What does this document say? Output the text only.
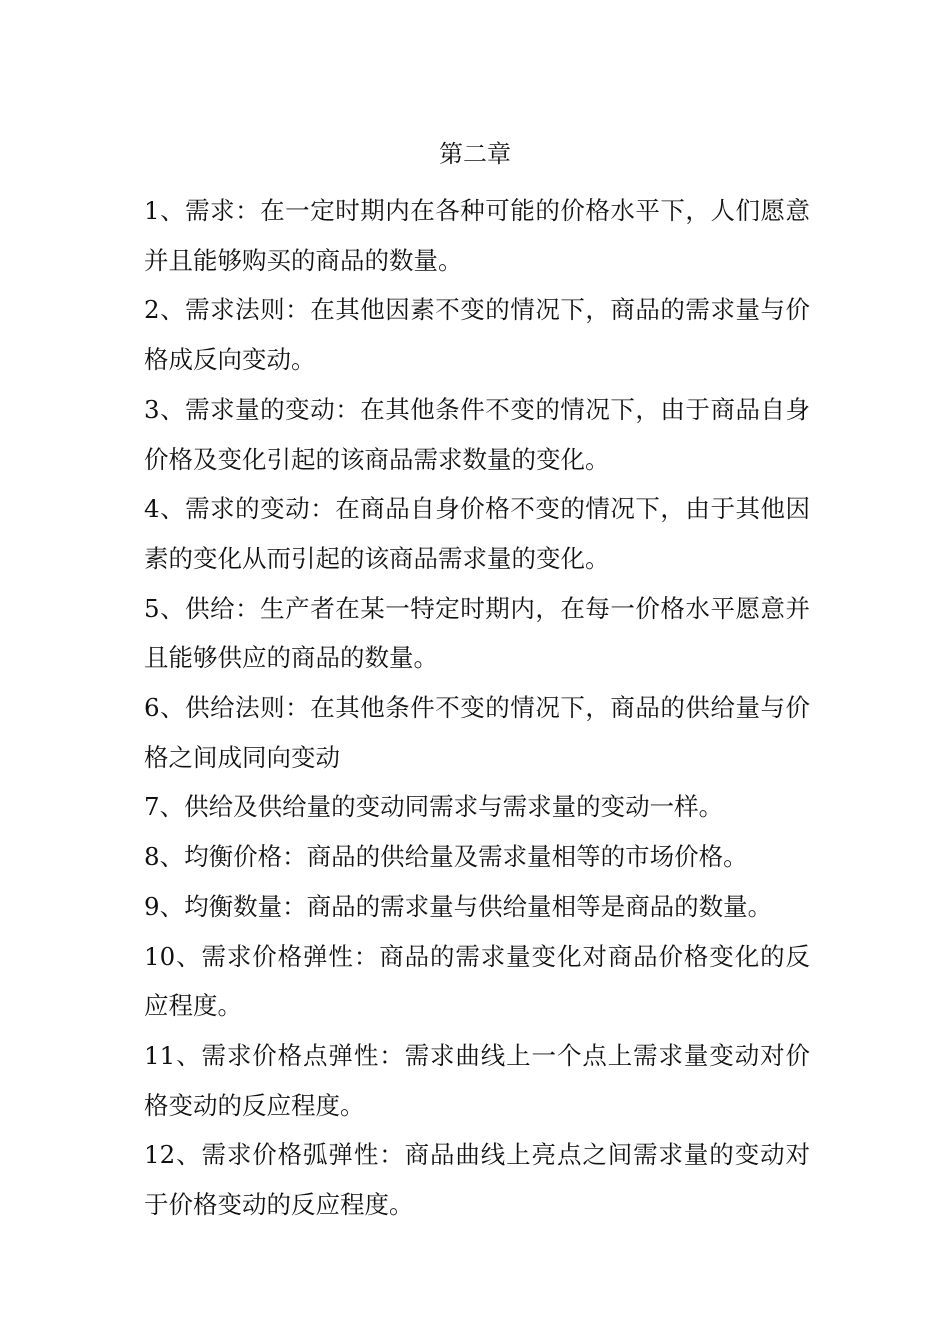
第二章

1、需求：在一定时期内在各种可能的价格水平下，人们愿意并且能够购买的商品的数量。

2、需求法则：在其他因素不变的情况下，商品的需求量与价格成反向变动。

3、需求量的变动：在其他条件不变的情况下，由于商品自身价格及变化引起的该商品需求数量的变化。

4、需求的变动：在商品自身价格不变的情况下，由于其他因素的变化从而引起的该商品需求量的变化。

5、供给：生产者在某一特定时期内，在每一价格水平愿意并且能够供应的商品的数量。

6、供给法则：在其他条件不变的情况下，商品的供给量与价格之间成同向变动

7、供给及供给量的变动同需求与需求量的变动一样。

8、均衡价格：商品的供给量及需求量相等的市场价格。

9、均衡数量：商品的需求量与供给量相等是商品的数量。

10、需求价格弹性：商品的需求量变化对商品价格变化的反应程度。

11、需求价格点弹性：需求曲线上一个点上需求量变动对价格变动的反应程度。

12、需求价格弧弹性：商品曲线上亮点之间需求量的变动对于价格变动的反应程度。
